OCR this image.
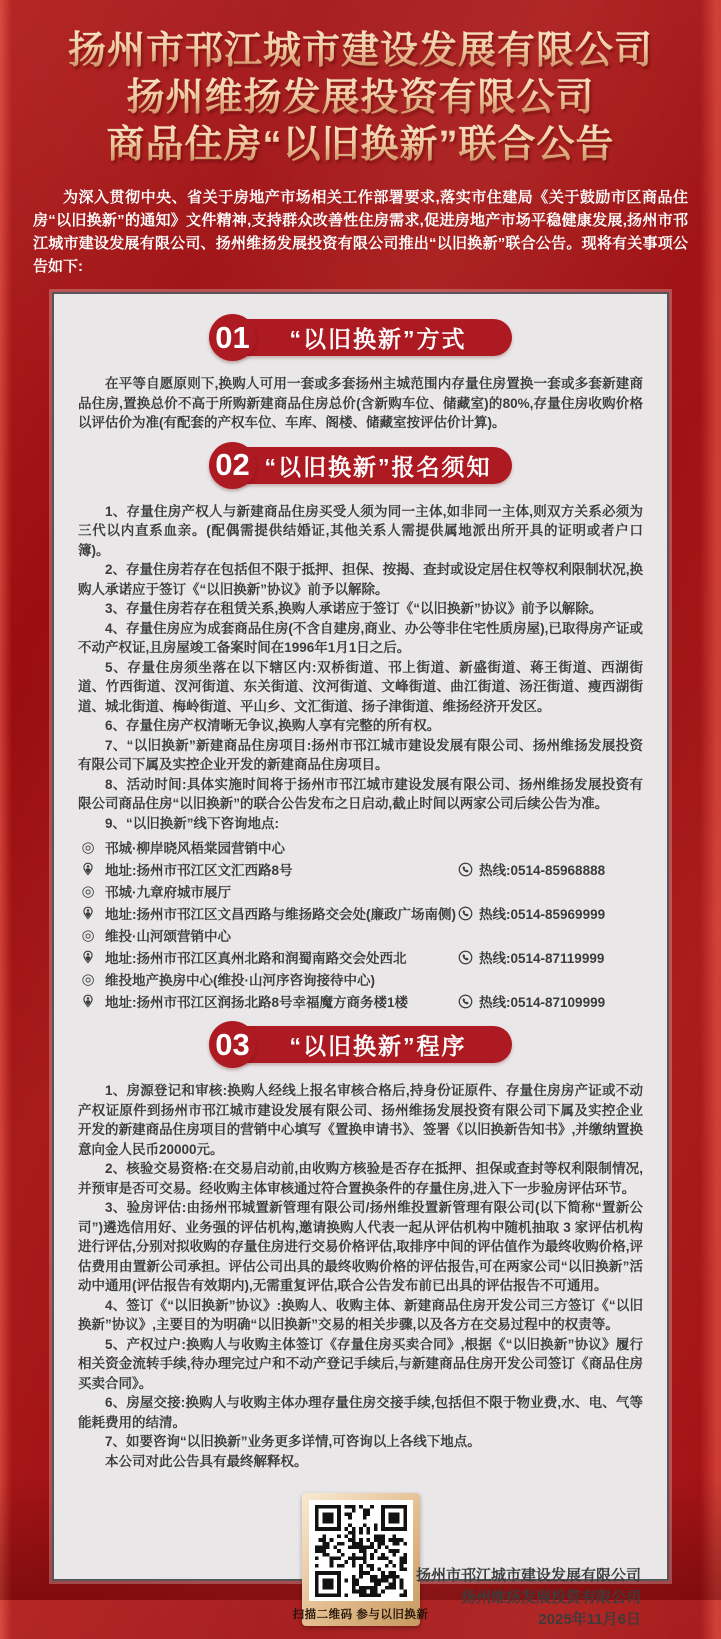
扬州市邗江城市建设发展有限公司
扬州维扬发展投资有限公司
商品住房“以旧换新”联合公告

为深入贯彻中央、省关于房地产市场相关工作部署要求,落实市住建局《关于鼓励市区商品住房“以旧换新”的通知》文件精神,支持群众改善性住房需求,促进房地产市场平稳健康发展,扬州市邗江城市建设发展有限公司、扬州维扬发展投资有限公司推出“以旧换新”联合公告。现将有关事项公告如下:

01	“以旧换新”方式

在平等自愿原则下,换购人可用一套或多套扬州主城范围内存量住房置换一套或多套新建商品住房,置换总价不高于所购新建商品住房总价(含新购车位、储藏室)的80%,存量住房收购价格以评估价为准(有配套的产权车位、车库、阁楼、储藏室按评估价计算)。

02 “以旧换新”报名须知

1、存量住房产权人与新建商品住房买受人须为同一主体,如非同一主体,则双方关系必须为三代以内直系血亲。(配偶需提供结婚证,其他关系人需提供属地派出所开具的证明或者户口簿)。

2、存量住房若存在包括但不限于抵押、担保、按揭、查封或设定居住权等权利限制状况,换购人承诺应于签订《“以旧换新”协议》前予以解除。

3、存量住房若存在租赁关系,换购人承诺应于签订《“以旧换新”协议》前予以解除。

4、存量住房应为成套商品住房(不含自建房,商业、办公等非住宅性质房屋),已取得房产证或不动产权证,且房屋竣工备案时间在1996年1月1日之后。

5、存量住房须坐落在以下辖区内:双桥街道、邗上街道、新盛街道、蒋王街道、西湖街道、竹西街道、汊河街道、东关街道、汶河街道、文峰街道、曲江街道、汤汪街道、瘦西湖街道、城北街道、梅岭街道、平山乡、文汇街道、扬子津街道、维扬经济开发区。

6、存量住房产权清晰无争议,换购人享有完整的所有权。

7、“以旧换新”新建商品住房项目:扬州市邗江城市建设发展有限公司、扬州维扬发展投资有限公司下属及实控企业开发的新建商品住房项目。

8、活动时间:具体实施时间将于扬州市邗江城市建设发展有限公司、扬州维扬发展投资有限公司商品住房“以旧换新”的联合公告发布之日启动,截止时间以两家公司后续公告为准。

9、“以旧换新”线下咨询地点:

◎ 邗城·柳岸晓风梧棠园营销中心
地址:扬州市邗江区文汇西路8号	热线:0514-85968888
◎ 邗城·九章府城市展厅
地址:扬州市邗江区文昌西路与维扬路交会处(廉政广场南侧) 热线:0514-85969999
◎ 维投·山河颂营销中心
地址:扬州市邗江区真州北路和润蜀南路交会处西北	热线:0514-87119999
◎ 维投地产换房中心(维投·山河序咨询接待中心)
地址:扬州市邗江区润扬北路8号幸福魔方商务楼1楼	热线:0514-87109999
03	“以旧换新”程序

1、房源登记和审核:换购人经线上报名审核合格后,持身份证原件、存量住房房产证或不动产权证原件到扬州市邗江城市建设发展有限公司、扬州维扬发展投资有限公司下属及实控企业开发的新建商品住房项目的营销中心填写《置换申请书》、签署《以旧换新告知书》,并缴纳置换意向金人民币20000元。

2、核验交易资格:在交易启动前,由收购方核验是否存在抵押、担保或查封等权利限制情况,并预审是否可交易。经收购主体审核通过符合置换条件的存量住房,进入下一步验房评估环节。

3、验房评估:由扬州邗城置新管理有限公司/扬州维投置新管理有限公司(以下简称“置新公司”)遴选信用好、业务强的评估机构,邀请换购人代表一起从评估机构中随机抽取 3 家评估机构进行评估,分别对拟收购的存量住房进行交易价格评估,取排序中间的评估值作为最终收购价格,评估费用由置新公司承担。评估公司出具的最终收购价格的评估报告,可在两家公司“以旧换新”活动中通用(评估报告有效期内),无需重复评估,联合公告发布前已出具的评估报告不可通用。

4、签订《“以旧换新”协议》:换购人、收购主体、新建商品住房开发公司三方签订《“以旧换新”协议》,主要目的为明确“以旧换新”交易的相关步骤,以及各方在交易过程中的权责等。

5、产权过户:换购人与收购主体签订《存量住房买卖合同》,根据《“以旧换新”协议》履行相关资金流转手续,待办理完过户和不动产登记手续后,与新建商品住房开发公司签订《商品住房买卖合同》。

6、房屋交接:换购人与收购主体办理存量住房交接手续,包括但不限于物业费,水、电、气等能耗费用的结清。

7、如要咨询“以旧换新”业务更多详情,可咨询以上各线下地点。

本公司对此公告具有最终解释权。

扫描二维码 参与以旧换新
扬州市邗江城市建设发展有限公司
扬州维扬发展投资有限公司
2025年11月6日
